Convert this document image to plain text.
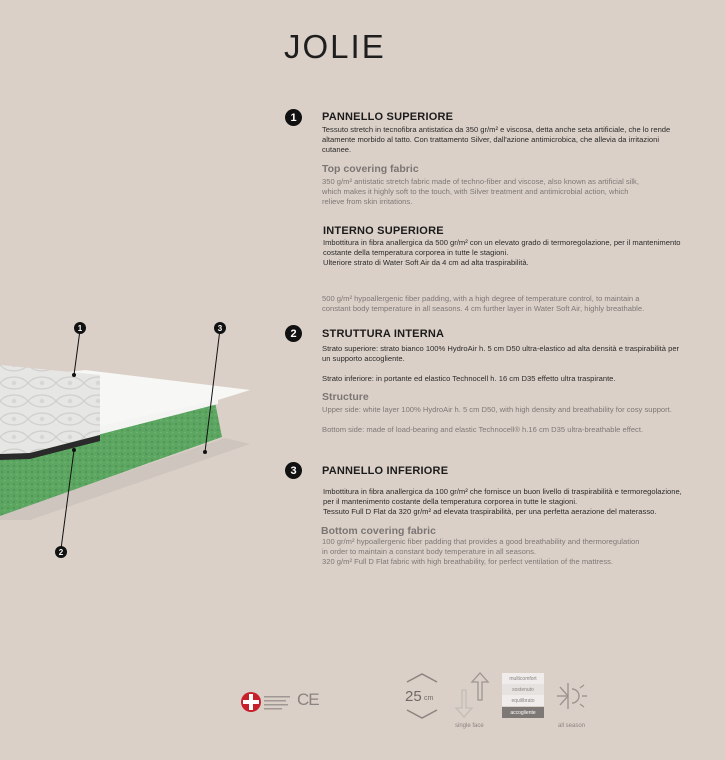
JOLIE
1	PANNELLO SUPERIORE

Tessuto stretch in tecnofibra antistatica da 350 gr/m² e viscosa, detta anche seta artificiale, che lo rende
altamente morbido al tatto. Con trattamento Silver, dall'azione antimicrobica, che allevia da irritazioni
cutanee.

Top covering fabric

350 g/m² antistatic stretch fabric made of techno-fiber and viscose, also known as artificial silk,
which makes it highly soft to the touch, with Silver treatment and antimicrobial action, which
relieve from skin irritations.

INTERNO SUPERIORE

Imbottitura in fibra anallergica da 500 gr/m² con un elevato grado di termoregolazione, per il mantenimento
costante della temperatura corporea in tutte le stagioni.
Ulteriore strato di Water Soft Air da 4 cm ad alta traspirabilità.

500 g/m² hypoallergenic fiber padding, with a high degree of temperature control, to maintain a
constant body temperature in all seasons. 4 cm further layer in Water Soft Air, highly breathable.

2	STRUTTURA INTERNA

Strato superiore: strato bianco 100% HydroAir h. 5 cm D50 ultra-elastico ad alta densità e traspirabilità per
un supporto accogliente.

Strato inferiore: in portante ed elastico Technocell h. 16 cm D35 effetto ultra traspirante.

Structure

Upper side: white layer 100% HydroAir h. 5 cm D50, with high density and breathability for cosy support.

Bottom side: made of load-bearing and elastic Technocell® h.16 cm D35 ultra-breathable effect.

3	PANNELLO INFERIORE

Imbottitura in fibra anallergica da 100 gr/m² che fornisce un buon livello di traspirabilità e termoregolazione,
per il mantenimento costante della temperatura corporea in tutte le stagioni.
Tessuto Full D Flat da 320 gr/m² ad elevata traspirabilità, per una perfetta aerazione del materasso.

Bottom covering fabric

100 gr/m² hypoallergenic fiber padding that provides a good breathability and thermoregulation
in order to maintain a constant body temperature in all seasons.
320 g/m² Full D Flat fabric with high breathability, for perfect ventilation of the mattress.

1	3
2
CE	25 cm
single face
multicomfort
sostenuto
equilibrato
accogliente
all season
